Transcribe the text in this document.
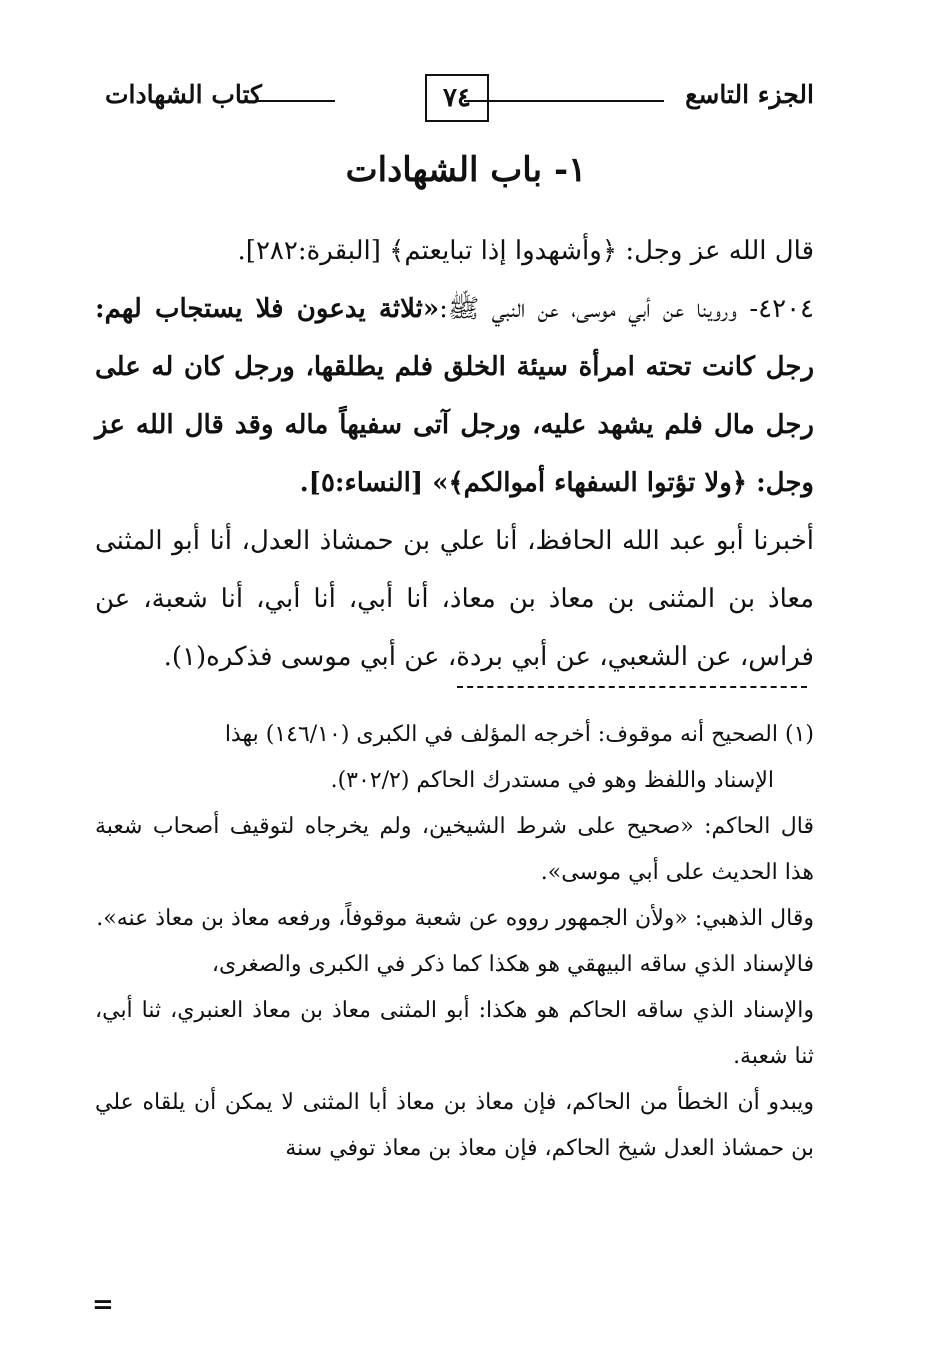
الجزء التاسع
٧٤
كتاب الشهادات
١- باب الشهادات

قال الله عز وجل: ﴿وأشهدوا إذا تبايعتم﴾ [البقرة:٢٨٢].

٤٢٠٤- وروينا عن أبي موسى، عن النبي ﷺ:«ثلاثة يدعون فلا يستجاب لهم: رجل كانت تحته امرأة سيئة الخلق فلم يطلقها، ورجل كان له على رجل مال فلم يشهد عليه، ورجل آتى سفيهاً ماله وقد قال الله عز وجل: ﴿ولا تؤتوا السفهاء أموالكم﴾» [النساء:٥].

أخبرنا أبو عبد الله الحافظ، أنا علي بن حمشاذ العدل، أنا أبو المثنى معاذ بن المثنى بن معاذ بن معاذ، أنا أبي، أنا أبي، أنا شعبة، عن فراس، عن الشعبي، عن أبي بردة، عن أبي موسى فذكره(١).

(١) الصحيح أنه موقوف: أخرجه المؤلف في الكبرى (١٤٦/١٠) بهذا

الإسناد واللفظ وهو في مستدرك الحاكم (٣٠٢/٢).

قال الحاكم: «صحيح على شرط الشيخين، ولم يخرجاه لتوقيف أصحاب شعبة هذا الحديث على أبي موسى».

وقال الذهبي: «ولأن الجمهور رووه عن شعبة موقوفاً، ورفعه معاذ بن معاذ عنه».

فالإسناد الذي ساقه البيهقي هو هكذا كما ذكر في الكبرى والصغرى،

والإسناد الذي ساقه الحاكم هو هكذا: أبو المثنى معاذ بن معاذ العنبري، ثنا أبي، ثنا شعبة.

ويبدو أن الخطأ من الحاكم، فإن معاذ بن معاذ أبا المثنى لا يمكن أن يلقاه علي بن حمشاذ العدل شيخ الحاكم، فإن معاذ بن معاذ توفي سنة

=
